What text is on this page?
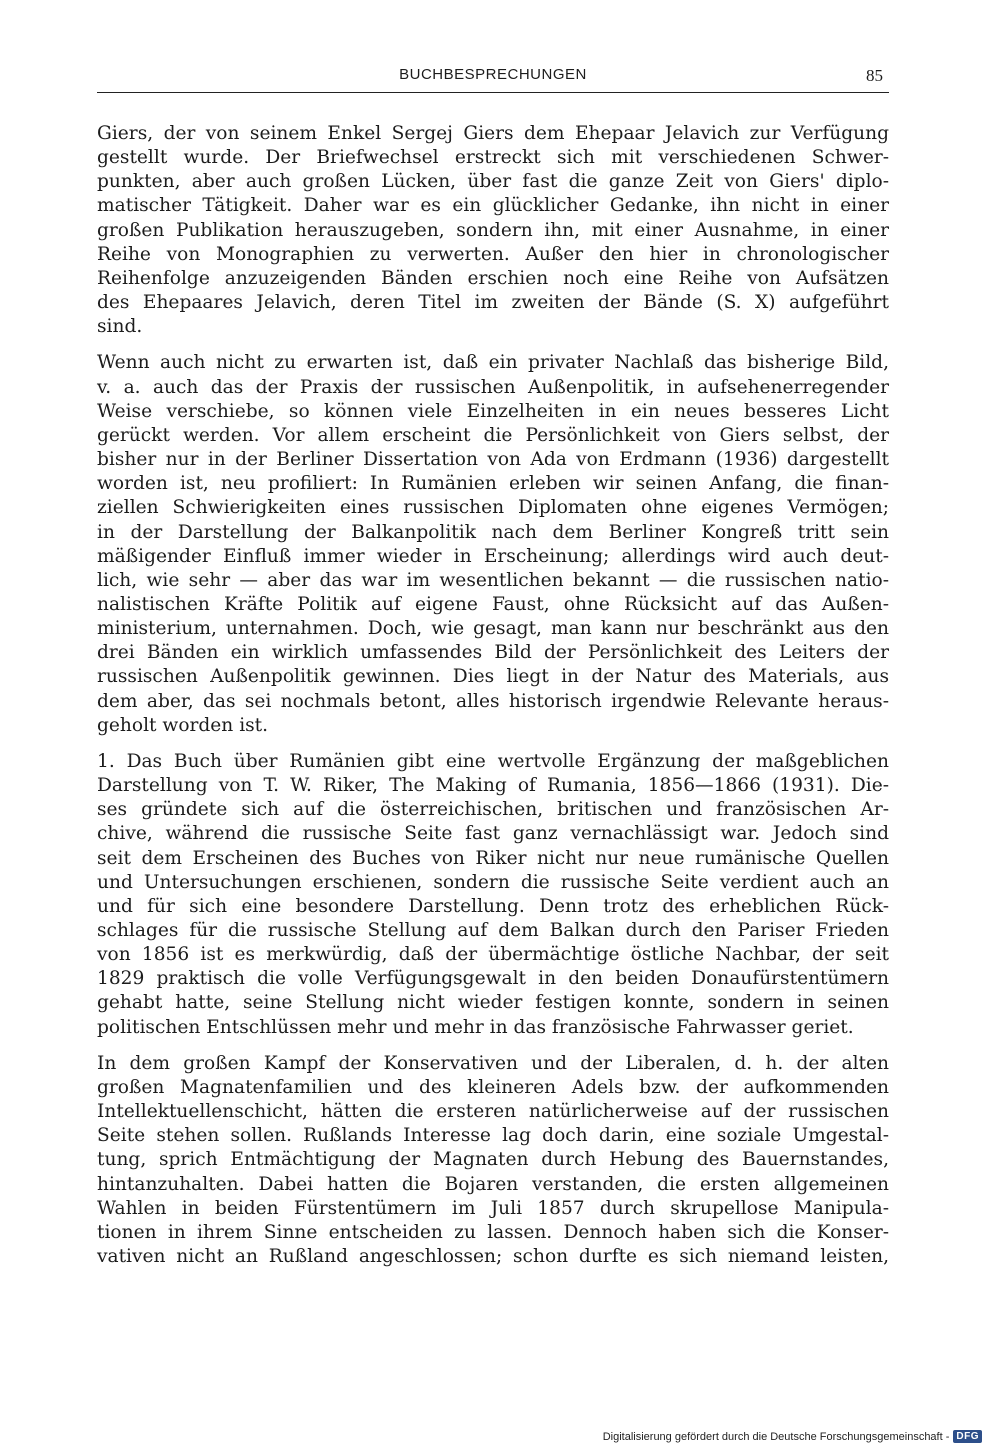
BUCHBESPRECHUNGEN	85
Giers, der von seinem Enkel Sergej Giers dem Ehepaar Jelavich zur Verfügung
gestellt wurde. Der Briefwechsel erstreckt sich mit verschiedenen Schwer-
punkten, aber auch großen Lücken, über fast die ganze Zeit von Giers' diplo-
matischer Tätigkeit. Daher war es ein glücklicher Gedanke, ihn nicht in einer
großen Publikation herauszugeben, sondern ihn, mit einer Ausnahme, in einer
Reihe von Monographien zu verwerten. Außer den hier in chronologischer
Reihenfolge anzuzeigenden Bänden erschien noch eine Reihe von Aufsätzen
des Ehepaares Jelavich, deren Titel im zweiten der Bände (S. X) aufgeführt
sind.
Wenn auch nicht zu erwarten ist, daß ein privater Nachlaß das bisherige Bild,
v. a. auch das der Praxis der russischen Außenpolitik, in aufsehenerregender
Weise verschiebe, so können viele Einzelheiten in ein neues besseres Licht
gerückt werden. Vor allem erscheint die Persönlichkeit von Giers selbst, der
bisher nur in der Berliner Dissertation von Ada von Erdmann (1936) dargestellt
worden ist, neu profiliert: In Rumänien erleben wir seinen Anfang, die finan-
ziellen Schwierigkeiten eines russischen Diplomaten ohne eigenes Vermögen;
in der Darstellung der Balkanpolitik nach dem Berliner Kongreß tritt sein
mäßigender Einfluß immer wieder in Erscheinung; allerdings wird auch deut-
lich, wie sehr — aber das war im wesentlichen bekannt — die russischen natio-
nalistischen Kräfte Politik auf eigene Faust, ohne Rücksicht auf das Außen-
ministerium, unternahmen. Doch, wie gesagt, man kann nur beschränkt aus den
drei Bänden ein wirklich umfassendes Bild der Persönlichkeit des Leiters der
russischen Außenpolitik gewinnen. Dies liegt in der Natur des Materials, aus
dem aber, das sei nochmals betont, alles historisch irgendwie Relevante heraus-
geholt worden ist.
1. Das Buch über Rumänien gibt eine wertvolle Ergänzung der maßgeblichen
Darstellung von T. W. Riker, The Making of Rumania, 1856—1866 (1931). Die-
ses gründete sich auf die österreichischen, britischen und französischen Ar-
chive, während die russische Seite fast ganz vernachlässigt war. Jedoch sind
seit dem Erscheinen des Buches von Riker nicht nur neue rumänische Quellen
und Untersuchungen erschienen, sondern die russische Seite verdient auch an
und für sich eine besondere Darstellung. Denn trotz des erheblichen Rück-
schlages für die russische Stellung auf dem Balkan durch den Pariser Frieden
von 1856 ist es merkwürdig, daß der übermächtige östliche Nachbar, der seit
1829 praktisch die volle Verfügungsgewalt in den beiden Donaufürstentümern
gehabt hatte, seine Stellung nicht wieder festigen konnte, sondern in seinen
politischen Entschlüssen mehr und mehr in das französische Fahrwasser geriet.
In dem großen Kampf der Konservativen und der Liberalen, d. h. der alten
großen Magnatenfamilien und des kleineren Adels bzw. der aufkommenden
Intellektuellenschicht, hätten die ersteren natürlicherweise auf der russischen
Seite stehen sollen. Rußlands Interesse lag doch darin, eine soziale Umgestal-
tung, sprich Entmächtigung der Magnaten durch Hebung des Bauernstandes,
hintanzuhalten. Dabei hatten die Bojaren verstanden, die ersten allgemeinen
Wahlen in beiden Fürstentümern im Juli 1857 durch skrupellose Manipula-
tionen in ihrem Sinne entscheiden zu lassen. Dennoch haben sich die Konser-
vativen nicht an Rußland angeschlossen; schon durfte es sich niemand leisten,
Digitalisierung gefördert durch die Deutsche Forschungsgemeinschaft - DFG
